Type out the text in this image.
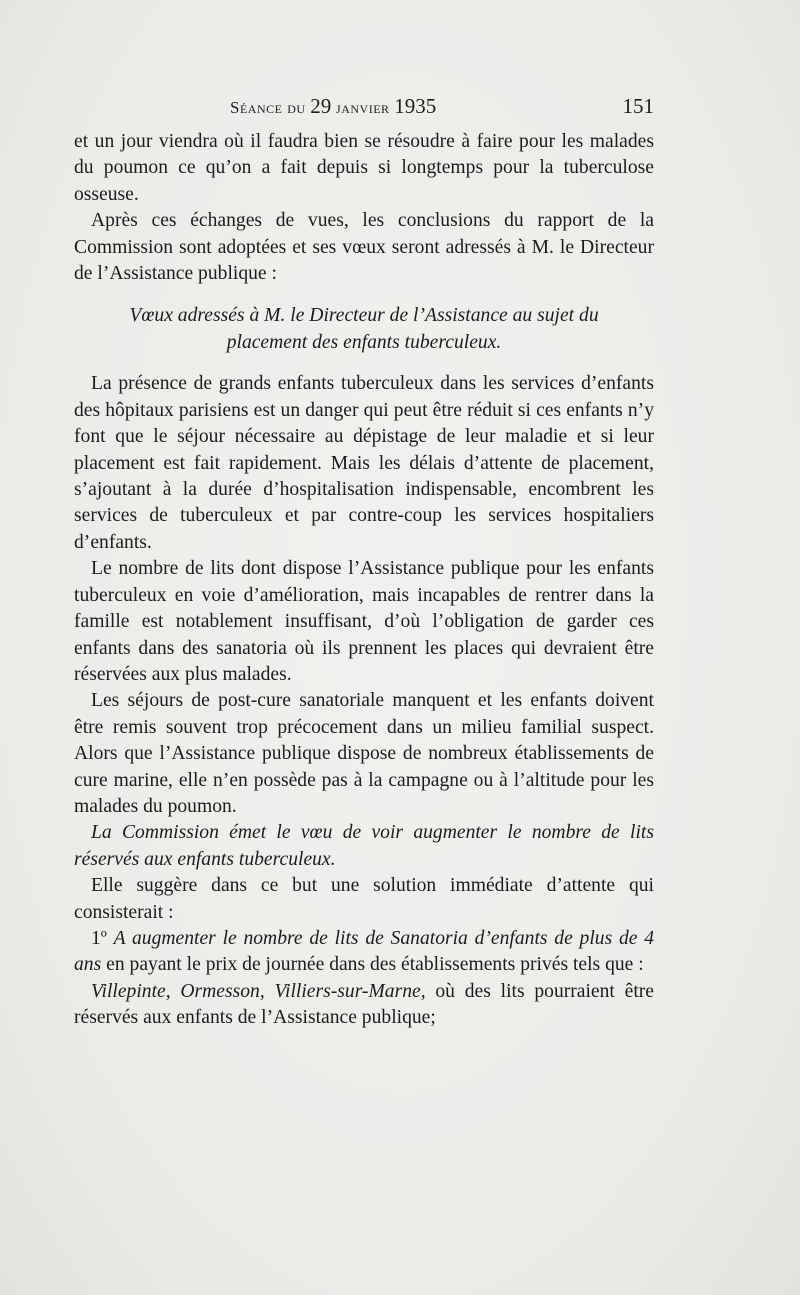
Séance du 29 janvier 1935	151

et un jour viendra où il faudra bien se résoudre à faire pour les malades du poumon ce qu’on a fait depuis si longtemps pour la tuberculose osseuse.

Après ces échanges de vues, les conclusions du rapport de la Commission sont adoptées et ses vœux seront adressés à M. le Directeur de l’Assistance publique :

Vœux adressés à M. le Directeur de l’Assistance au sujet du
placement des enfants tuberculeux.

La présence de grands enfants tuberculeux dans les services d’enfants des hôpitaux parisiens est un danger qui peut être réduit si ces enfants n’y font que le séjour nécessaire au dépistage de leur maladie et si leur placement est fait rapidement. Mais les délais d’attente de placement, s’ajoutant à la durée d’hospitalisation indispensable, encombrent les services de tuberculeux et par contre-coup les services hospitaliers d’enfants.

Le nombre de lits dont dispose l’Assistance publique pour les enfants tuberculeux en voie d’amélioration, mais incapables de rentrer dans la famille est notablement insuffisant, d’où l’obligation de garder ces enfants dans des sanatoria où ils prennent les places qui devraient être réservées aux plus malades.

Les séjours de post-cure sanatoriale manquent et les enfants doivent être remis souvent trop précocement dans un milieu familial suspect. Alors que l’Assistance publique dispose de nombreux établissements de cure marine, elle n’en possède pas à la campagne ou à l’altitude pour les malades du poumon.

La Commission émet le vœu de voir augmenter le nombre de lits réservés aux enfants tuberculeux.

Elle suggère dans ce but une solution immédiate d’attente qui consisterait :

1º A augmenter le nombre de lits de Sanatoria d’enfants de plus de 4 ans en payant le prix de journée dans des établissements privés tels que :

Villepinte, Ormesson, Villiers-sur-Marne, où des lits pourraient être réservés aux enfants de l’Assistance publique;
